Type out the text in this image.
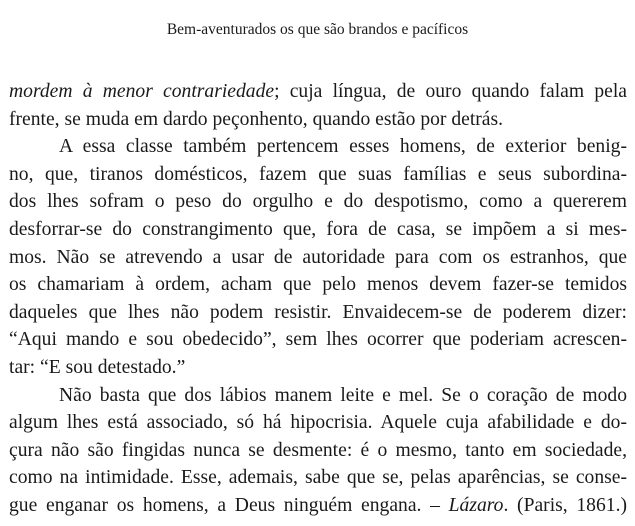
Bem-aventurados os que são brandos e pacíficos
mordem à menor contrariedade; cuja língua, de ouro quando falam pela
frente, se muda em dardo peçonhento, quando estão por detrás.
A essa classe também pertencem esses homens, de exterior benig-
no, que, tiranos domésticos, fazem que suas famílias e seus subordina-
dos lhes sofram o peso do orgulho e do despotismo, como a quererem
desforrar-se do constrangimento que, fora de casa, se impõem a si mes-
mos. Não se atrevendo a usar de autoridade para com os estranhos, que
os chamariam à ordem, acham que pelo menos devem fazer-se temidos
daqueles que lhes não podem resistir. Envaidecem-se de poderem dizer:
“Aqui mando e sou obedecido”, sem lhes ocorrer que poderiam acrescen-
tar: “E sou detestado.”
Não basta que dos lábios manem leite e mel. Se o coração de modo
algum lhes está associado, só há hipocrisia. Aquele cuja afabilidade e do-
çura não são fingidas nunca se desmente: é o mesmo, tanto em sociedade,
como na intimidade. Esse, ademais, sabe que se, pelas aparências, se conse-
gue enganar os homens, a Deus ninguém engana. – Lázaro. (Paris, 1861.)
